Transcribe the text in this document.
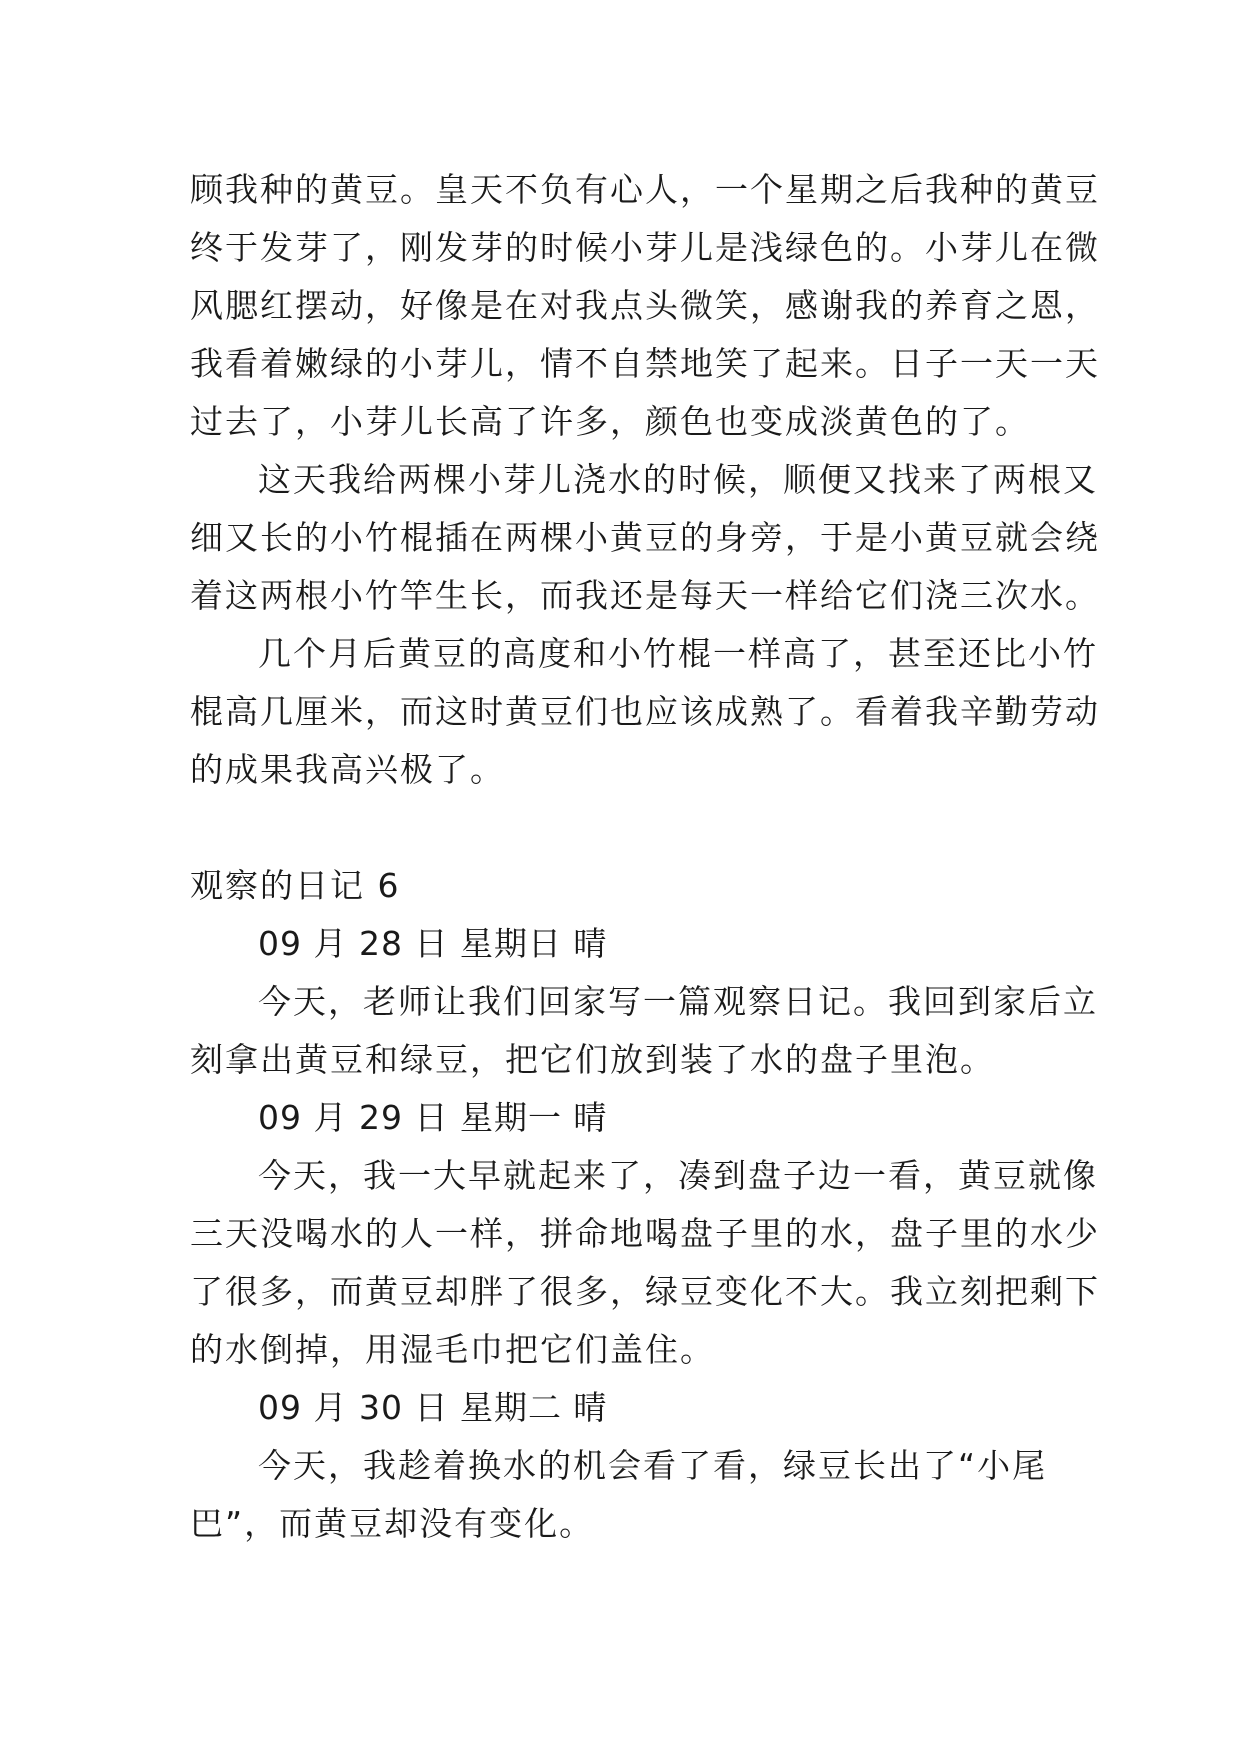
顾我种的黄豆。皇天不负有心人，一个星期之后我种的黄豆
终于发芽了，刚发芽的时候小芽儿是浅绿色的。小芽儿在微
风腮红摆动，好像是在对我点头微笑，感谢我的养育之恩，
我看着嫩绿的小芽儿，情不自禁地笑了起来。日子一天一天
过去了，小芽儿长高了许多，颜色也变成淡黄色的了。
这天我给两棵小芽儿浇水的时候，顺便又找来了两根又
细又长的小竹棍插在两棵小黄豆的身旁，于是小黄豆就会绕
着这两根小竹竿生长，而我还是每天一样给它们浇三次水。
几个月后黄豆的高度和小竹棍一样高了，甚至还比小竹
棍高几厘米，而这时黄豆们也应该成熟了。看着我辛勤劳动
的成果我高兴极了。
观察的日记 6
09 月 28 日 星期日 晴
今天，老师让我们回家写一篇观察日记。我回到家后立
刻拿出黄豆和绿豆，把它们放到装了水的盘子里泡。
09 月 29 日 星期一 晴
今天，我一大早就起来了，凑到盘子边一看，黄豆就像
三天没喝水的人一样，拼命地喝盘子里的水，盘子里的水少
了很多，而黄豆却胖了很多，绿豆变化不大。我立刻把剩下
的水倒掉，用湿毛巾把它们盖住。
09 月 30 日 星期二 晴
今天，我趁着换水的机会看了看，绿豆长出了“小尾
巴”，而黄豆却没有变化。
